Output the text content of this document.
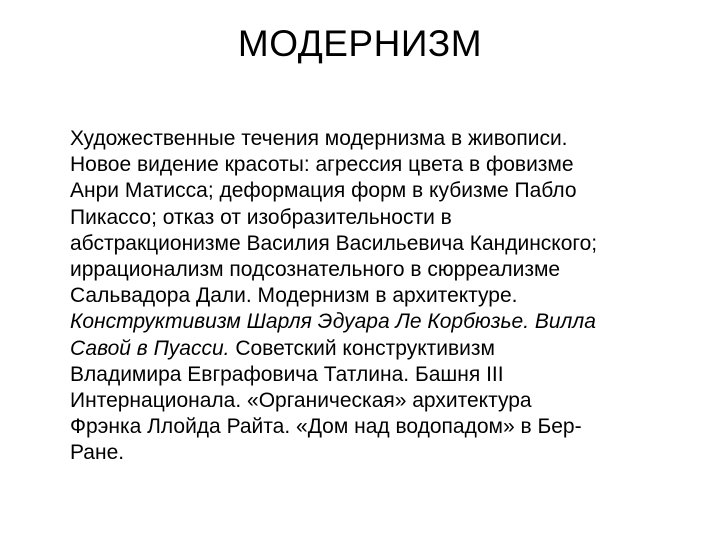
МОДЕРНИЗМ
Художественные течения модернизма в живописи.
Новое видение красоты: агрессия цвета в фовизме
Анри Матисса; деформация форм в кубизме Пабло
Пикассо; отказ от изобразительности в
абстракционизме Василия Васильевича Кандинского;
иррационализм подсознательного в сюрреализме
Сальвадора Дали. Модернизм в архитектуре.
Конструктивизм Шарля Эдуара Ле Корбюзье. Вилла
Савой в Пуасси. Советский конструктивизм
Владимира Евграфовича Татлина. Башня III
Интернационала. «Органическая» архитектура
Фрэнка Ллойда Райта. «Дом над водопадом» в Бер-
Ране.
